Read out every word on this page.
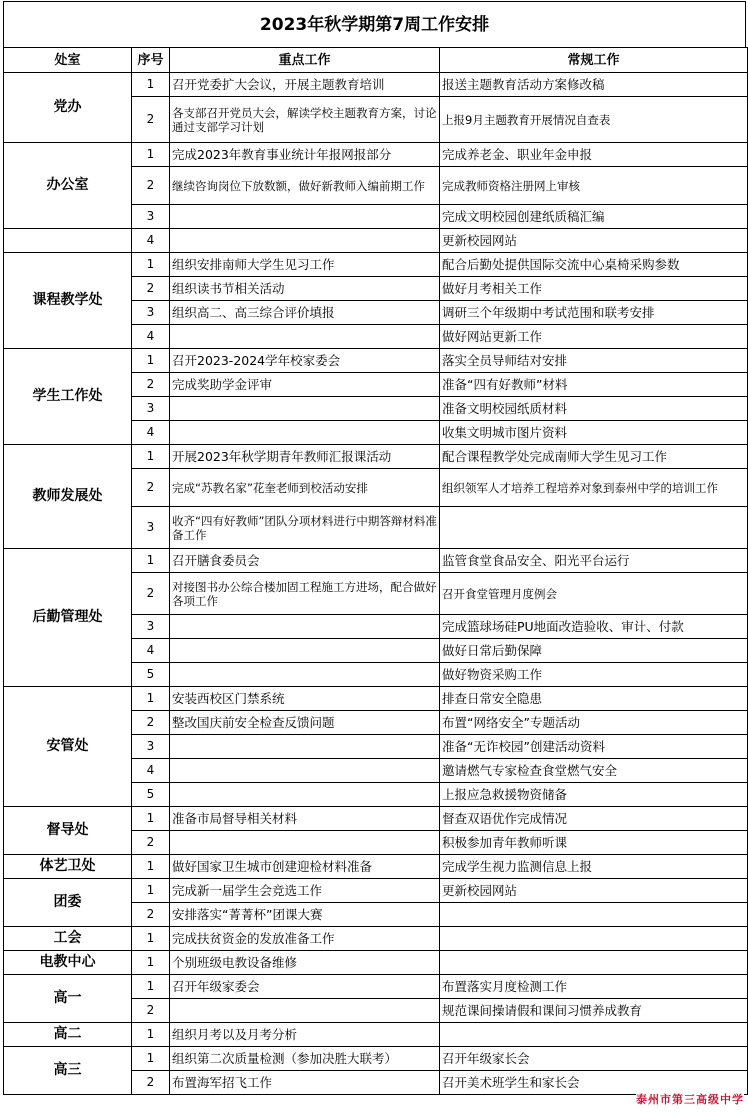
2023年秋学期第7周工作安排
处室	序号	重点工作	常规工作
党办	1	召开党委扩大会议，开展主题教育培训	报送主题教育活动方案修改稿
	2	各支部召开党员大会，解读学校主题教育方案，讨论通过支部学习计划	上报9月主题教育开展情况自查表
办公室	1	完成2023年教育事业统计年报网报部分	完成养老金、职业年金申报
	2	继续咨询岗位下放数额，做好新教师入编前期工作	完成教师资格注册网上审核
	3		完成文明校园创建纸质稿汇编
	4		更新校园网站
课程教学处	1	组织安排南师大学生见习工作	配合后勤处提供国际交流中心桌椅采购参数
	2	组织读书节相关活动	做好月考相关工作
	3	组织高二、高三综合评价填报	调研三个年级期中考试范围和联考安排
	4		做好网站更新工作
学生工作处	1	召开2023-2024学年校家委会	落实全员导师结对安排
	2	完成奖助学金评审	准备“四有好教师”材料
	3		准备文明校园纸质材料
	4		收集文明城市图片资料
教师发展处	1	开展2023年秋学期青年教师汇报课活动	配合课程教学处完成南师大学生见习工作
	2	完成“苏教名家”花奎老师到校活动安排	组织领军人才培养工程培养对象到泰州中学的培训工作
	3	收齐“四有好教师”团队分项材料进行中期答辩材料准备工作	
后勤管理处	1	召开膳食委员会	监管食堂食品安全、阳光平台运行
	2	对接图书办公综合楼加固工程施工方进场，配合做好各项工作	召开食堂管理月度例会
	3		完成篮球场硅PU地面改造验收、审计、付款
	4		做好日常后勤保障
	5		做好物资采购工作
安管处	1	安装西校区门禁系统	排查日常安全隐患
	2	整改国庆前安全检查反馈问题	布置“网络安全”专题活动
	3		准备“无诈校园”创建活动资料
	4		邀请燃气专家检查食堂燃气安全
	5		上报应急救援物资储备
督导处	1	准备市局督导相关材料	督查双语优作完成情况
	2		积极参加青年教师听课
体艺卫处	1	做好国家卫生城市创建迎检材料准备	完成学生视力监测信息上报
团委	1	完成新一届学生会竞选工作	更新校园网站
	2	安排落实“菁菁杯”团课大赛	
工会	1	完成扶贫资金的发放准备工作	
电教中心	1	个别班级电教设备维修	
高一	1	召开年级家委会	布置落实月度检测工作
	2		规范课间操请假和课间习惯养成教育
高二	1	组织月考以及月考分析	
高三	1	组织第二次质量检测（参加决胜大联考）	召开年级家长会
	2	布置海军招飞工作	召开美术班学生和家长会
泰州市第三高级中学
